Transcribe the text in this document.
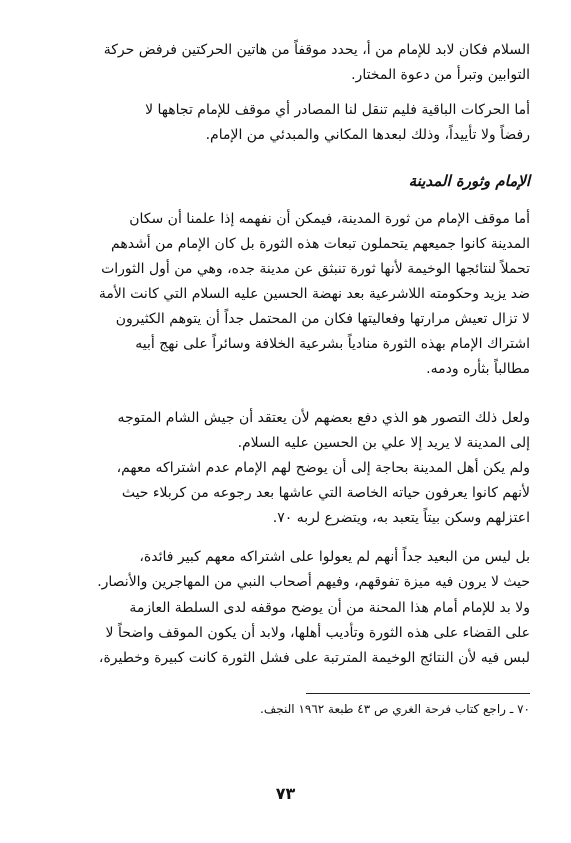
السلام فكان لابد للإمام من أ، يحدد موقفاً من هاتين الحركتين فرفض حركة

التوابين وتبرأ من دعوة المختار.

أما الحركات الباقية فليم تنقل لنا المصادر أي موقف للإمام تجاهها لا

رفضاً ولا تأييداً، وذلك لبعدها المكاني والمبدئي من الإمام.

الإمام وثورة المدينة

أما موقف الإمام من ثورة المدينة، فيمكن أن نفهمه إذا علمنا أن سكان

المدينة كانوا جميعهم يتحملون تبعات هذه الثورة بل كان الإمام من أشدهم

تحملاً لنتائجها الوخيمة لأنها ثورة تنبثق عن مدينة جده، وهي من أول الثورات

ضد يزيد وحكومته اللاشرعية بعد نهضة الحسين عليه السلام التي كانت الأمة

لا تزال تعيش مرارتها وفعاليتها فكان من المحتمل جداً أن يتوهم الكثيرون

اشتراك الإمام بهذه الثورة منادياً بشرعية الخلافة وسائراً على نهج أبيه

مطالباً بثأره ودمه.

ولعل ذلك التصور هو الذي دفع بعضهم لأن يعتقد أن جيش الشام المتوجه

إلى المدينة لا يريد إلا علي بن الحسين عليه السلام.

ولم يكن أهل المدينة بحاجة إلى أن يوضح لهم الإمام عدم اشتراكه معهم،

لأنهم كانوا يعرفون حياته الخاصة التي عاشها بعد رجوعه من كربلاء حيث

اعتزلهم وسكن بيتاً يتعبد به، ويتضرع لربه ٧٠.

بل ليس من البعيد جداً أنهم لم يعولوا على اشتراكه معهم كبير فائدة،

حيث لا يرون فيه ميزة تفوقهم، وفيهم أصحاب النبي من المهاجرين والأنصار.

ولا بد للإمام أمام هذا المحنة من أن يوضح موقفه لدى السلطة العازمة

على القضاء على هذه الثورة وتأديب أهلها، ولابد أن يكون الموقف واضحاً لا

لبس فيه لأن النتائج الوخيمة المترتبة على فشل الثورة كانت كبيرة وخطيرة،

٧٠ ـ راجع كتاب فرحة الغري ص ٤٣ طبعة ١٩٦٢ النجف.
٧٣
